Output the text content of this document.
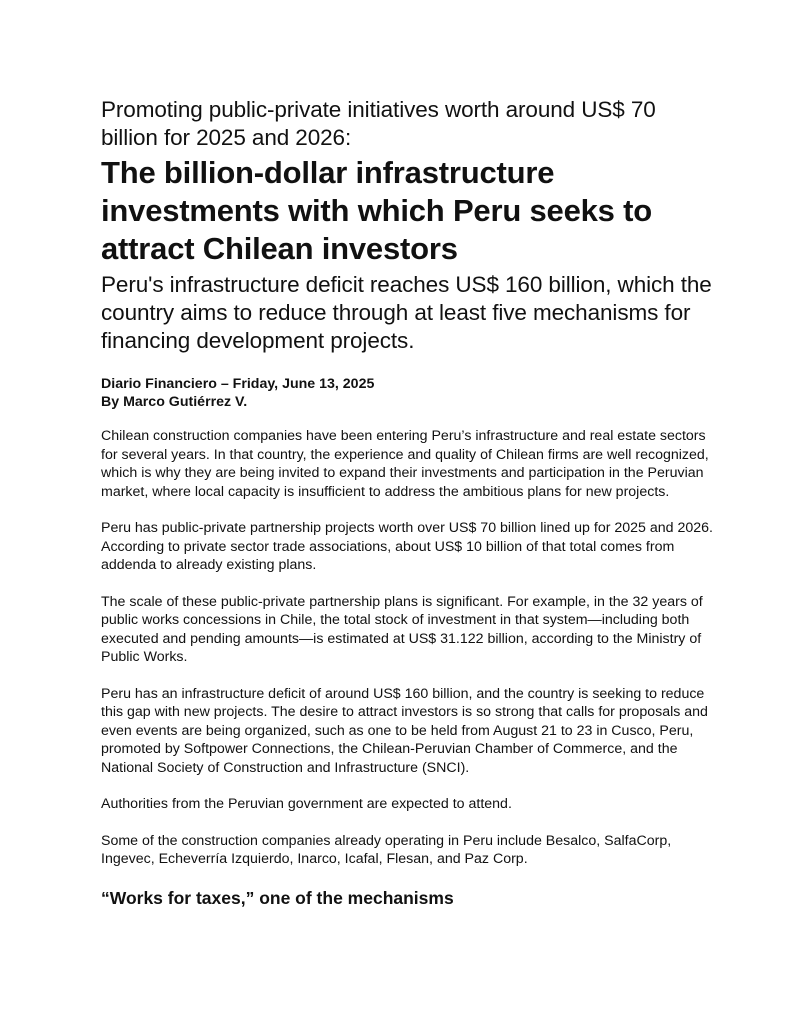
Promoting public-private initiatives worth around US$ 70 billion for 2025 and 2026:
The billion-dollar infrastructure investments with which Peru seeks to attract Chilean investors
Peru's infrastructure deficit reaches US$ 160 billion, which the country aims to reduce through at least five mechanisms for financing development projects.
Diario Financiero – Friday, June 13, 2025
By Marco Gutiérrez V.

Chilean construction companies have been entering Peru’s infrastructure and real estate sectors for several years. In that country, the experience and quality of Chilean firms are well recognized, which is why they are being invited to expand their investments and participation in the Peruvian market, where local capacity is insufficient to address the ambitious plans for new projects.

Peru has public-private partnership projects worth over US$ 70 billion lined up for 2025 and 2026. According to private sector trade associations, about US$ 10 billion of that total comes from addenda to already existing plans.

The scale of these public-private partnership plans is significant. For example, in the 32 years of public works concessions in Chile, the total stock of investment in that system—including both executed and pending amounts—is estimated at US$ 31.122 billion, according to the Ministry of Public Works.

Peru has an infrastructure deficit of around US$ 160 billion, and the country is seeking to reduce this gap with new projects. The desire to attract investors is so strong that calls for proposals and even events are being organized, such as one to be held from August 21 to 23 in Cusco, Peru, promoted by Softpower Connections, the Chilean-Peruvian Chamber of Commerce, and the National Society of Construction and Infrastructure (SNCI).

Authorities from the Peruvian government are expected to attend.

Some of the construction companies already operating in Peru include Besalco, SalfaCorp, Ingevec, Echeverría Izquierdo, Inarco, Icafal, Flesan, and Paz Corp.

“Works for taxes,” one of the mechanisms
